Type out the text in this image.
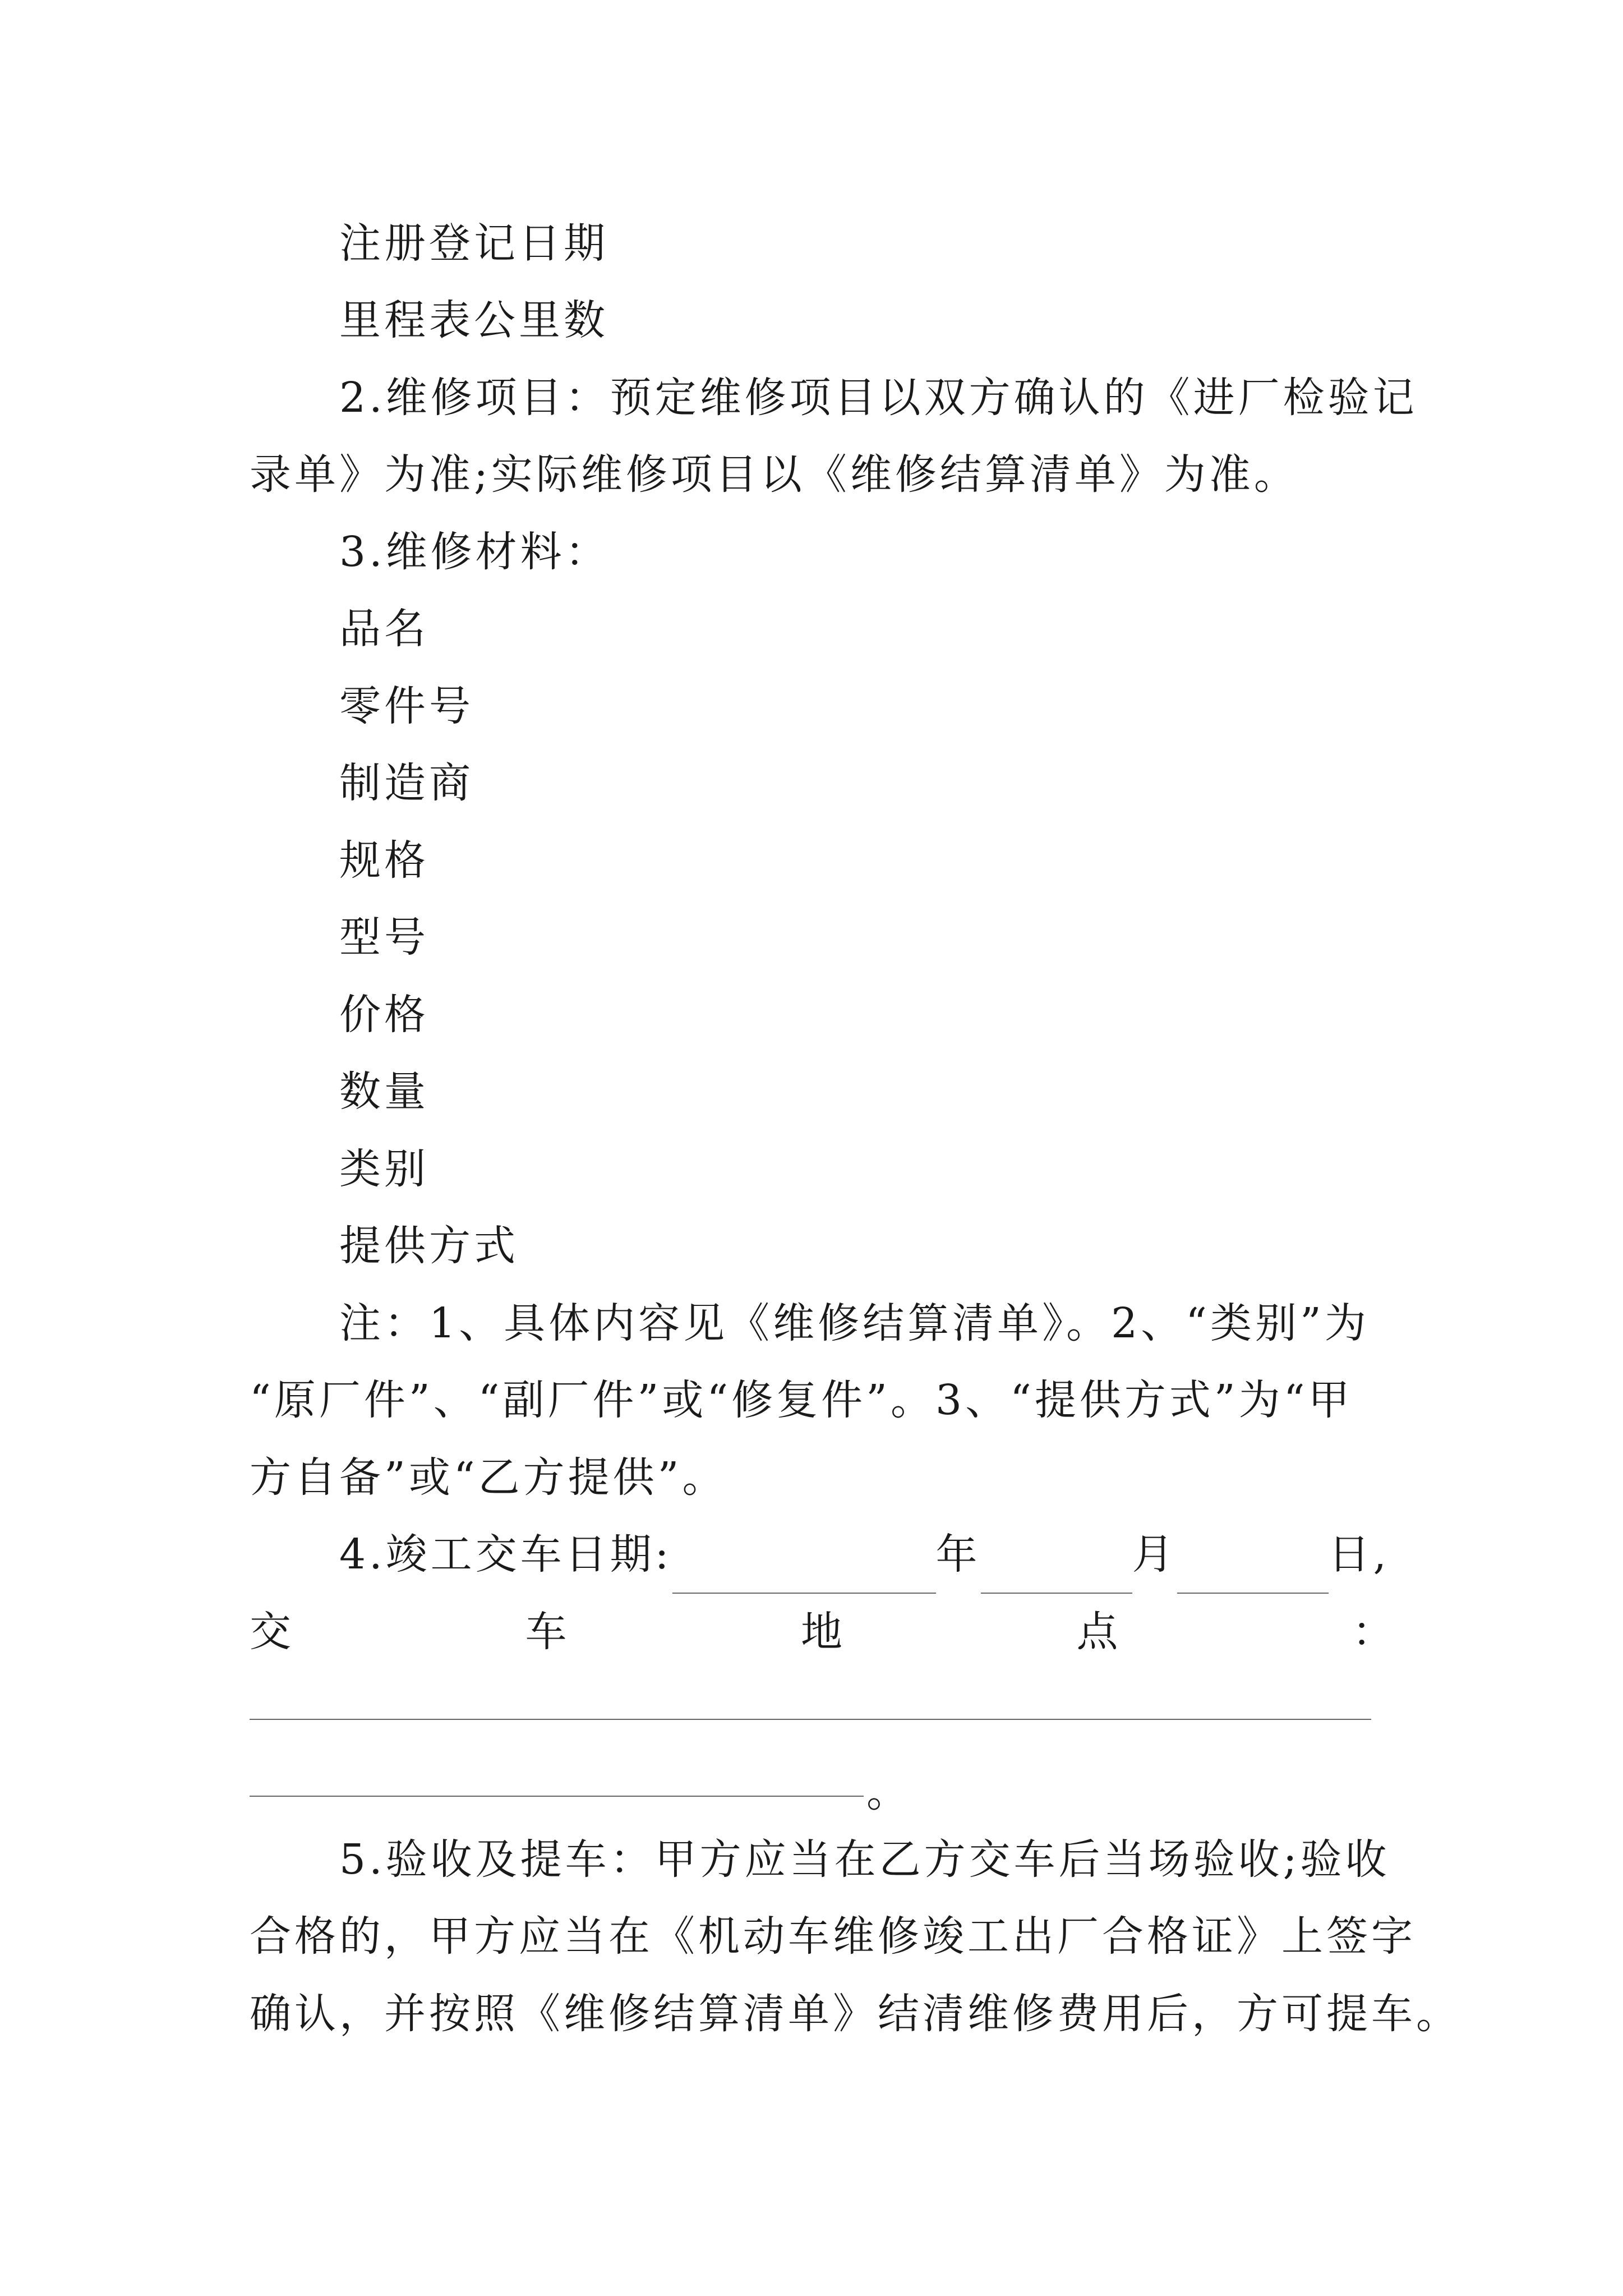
注册登记日期
里程表公里数
2.维修项目：预定维修项目以双方确认的《进厂检验记
录单》为准;实际维修项目以《维修结算清单》为准。
3.维修材料：
品名
零件号
制造商
规格
型号
价格
数量
类别
提供方式
注：1、具体内容见《维修结算清单》。2、“类别”为
“原厂件”、“副厂件”或“修复件”。3、“提供方式”为“甲
方自备”或“乙方提供”。
4.竣工交车日期:	年	月	日,
交	车	地	点	：
。
5.验收及提车：甲方应当在乙方交车后当场验收;验收
合格的，甲方应当在《机动车维修竣工出厂合格证》上签字
确认，并按照《维修结算清单》结清维修费用后，方可提车。
